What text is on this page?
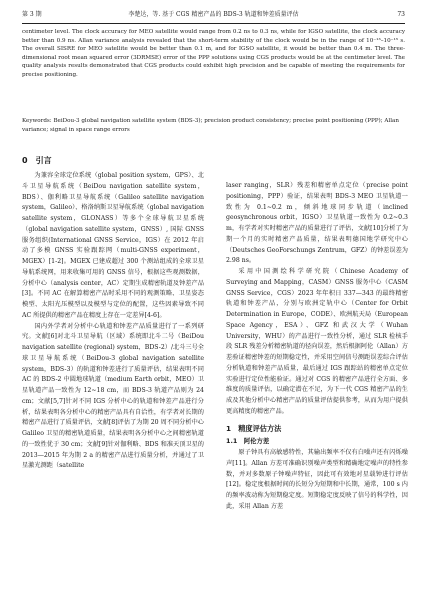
第 3 期	李楚达，等. 基于 CGS 精密产品的 BDS-3 轨道和钟差质量评估	73

centimeter level. The clock accuracy for MEO satellite would range from 0.2 ns to 0.3 ns, while for IGSO satellite, the clock accuracy better than 0.9 ns. Allan variance analysis revealed that the short-term stability of the clock would be in the range of 10⁻¹³–10⁻¹⁵ s. The overall SISRE for MEO satellite would be better than 0.1 m, and for IGSO satellite, it would be better than 0.4 m. The three-dimensional root mean squared error (3DRMSE) error of the PPP solutions using CGS products would be at the centimeter level. The quality analysis results demonstrated that CGS products could exhibit high precision and be capable of meeting the requirements for precise positioning.

Keywords: BeiDou-3 global navigation satellite system (BDS-3); precision product consistency; precise point positioning (PPP); Allan variance; signal in space range errors

0　引言

为兼容全球定位系统（global position system，GPS）、北斗卫星导航系统（BeiDou navigation satellite system，BDS）、伽利略卫星导航系统（Galileo satellite navigation system，Galileo）、格洛纳斯卫星导航系统（global navigation satellite system，GLONASS）等多个全球导航卫星系统（global navigation satellite system，GNSS）, 国际 GNSS 服务组织(International GNSS Service，IGS）在 2012 年启动了多模 GNSS 实验跟踪网（multi-GNSS experiment，MGEX）[1-2]。MGEX 已建成超过 300 个测站组成的全球卫星导航系统网，用来收集可用的 GNSS 信号，根据这些观测数据，分析中心（analysis center，AC）定期生成精密轨道及钟差产品[3]。不同 AC 在解算精密产品时采用不同的观测策略、卫星姿态模型、太阳光压模型以及模型与定位的配置，这些因素导致不同 AC 所提供的精密产品在精度上存在一定差异[4-6]。

国内外学者对分析中心轨道和钟差产品质量进行了一系列研究。文献[6]对北斗卫星导航（区域）系统即北斗二号（BeiDou navigation satellite (regional) system，BDS-2）/北斗三号全球卫星导航系统（BeiDou-3 global navigation satellite system，BDS-3）的轨道和钟差进行了质量评估，结果表明不同 AC 的 BDS-2 中圆地球轨道（medium Earth orbit，MEO）卫星轨道产品一致性为 12~18 cm，而 BDS-3 轨道产品则为 24 cm；文献[5,7]针对不同 IGS 分析中心的轨道和钟差产品进行分析，结果表明各分析中心的精密产品具有自洽性，有学者对长期的精密产品进行了质量评估，文献[8]评估了为期 20 周不同分析中心 Galileo 卫星的精密轨道质量，结果表明各分析中心之间精密轨道的一致性优于 30 cm；文献[9]针对伽利略、BDS 和准天顶卫星的 2013—2015 年为期 2 a 的精密产品进行质量分析，并通过了卫星激光测距（satellite

laser ranging，SLR）残差和精密单点定位（precise point positioning，PPP）验证，结果表明 BDS-3 MEO 卫星轨道一致性为 0.1~0.2 m，倾斜地球同步轨道（inclined geosynchronous orbit，IGSO）卫星轨道一致性为 0.2~0.3 m，有学者对实时精密产品的质量进行了评估，文献[10]分析了为期一个月的实时精密产品质量，结果表明德国地学研究中心（Deutsches GeoForschungs Zentrum，GFZ）的钟差误差为 2.98 ns。

采用中国测绘科学研究院（Chinese Academy of Surveying and Mapping，CASM）GNSS 服务中心（CASM GNSS Service，CGS）2023 年年积日 337—343 的最终精密轨道和钟差产品，分别与欧洲定轨中心（Center for Orbit Determination in Europe，CODE）、欧洲航天局（European Space Agency，ESA）、GFZ 和武汉大学（Wuhan University，WHU）的产品进行一致性分析，通过 SLR 检核手段 SLR 残差分析精密轨道的径向误差，然后根据阿伦（Allan）方差验证精密钟差的短期稳定性，并采用空间信号测距误差综合评估分析轨道和钟差产品质量，最后通过 IGS 跟踪站的精密单点定位实验进行定位性能验证。通过对 CGS 的精密产品进行全方面、多维度的质量评估，以确定潜在不足，为下一代 CGS 精密产品的生成及其他分析中心精密产品的质量评估提供参考，从而为用户提供更高精度的精密产品。

1　精度评估方法
1.1　阿伦方差

原子钟具有高敏感特性，其输出频率不仅有白噪声还有闪烁噪声[11]。Allan 方差可准确识别噪声类型和精确地定噪声的特性参数，并对多数原子钟噪声特征，因此可有效地对星载钟进行评估[12]。稳定度根据时间的长短分为短期和中长期，通常，100 s 内的频率波动称为短期稳定度。短期稳定度反映了信号的科学性，因此，采用 Allan 方差
